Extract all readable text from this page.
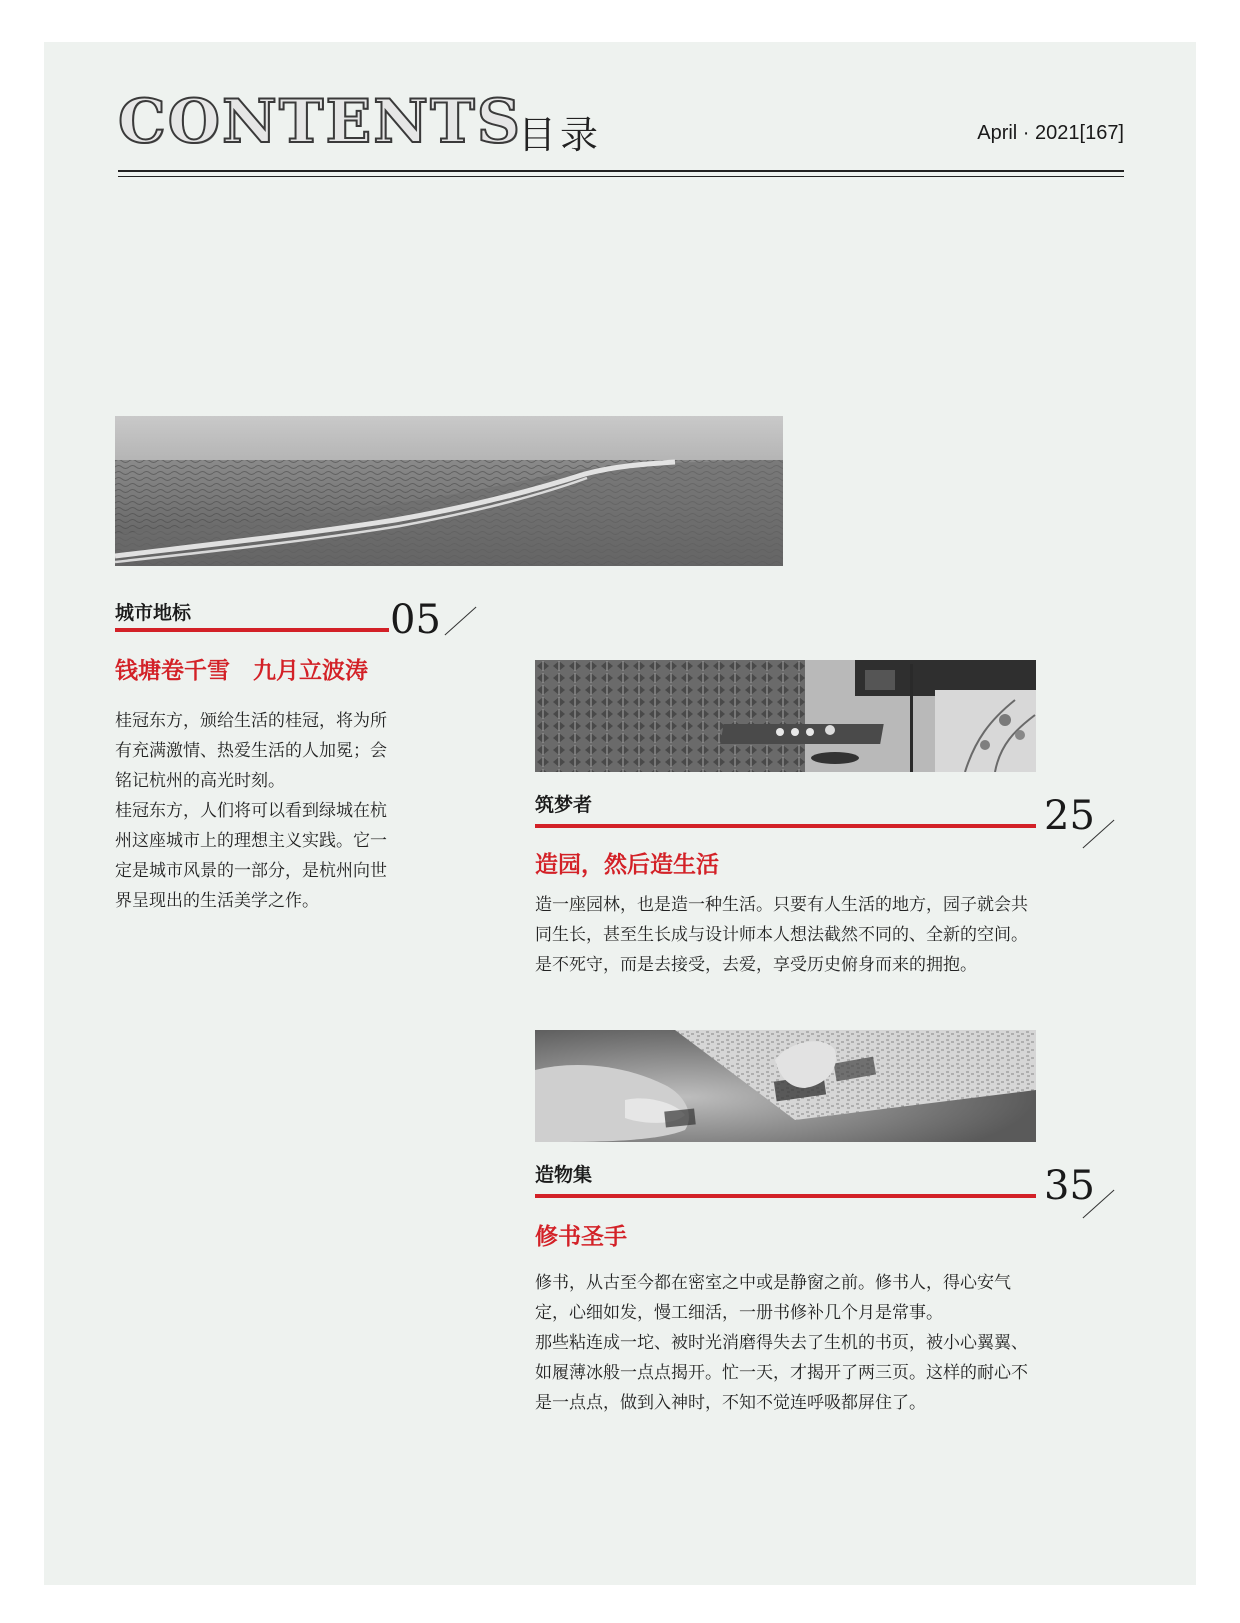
CONTENTS
目录	April · 2021[167]
城市地标	05
钱塘卷千雪　九月立波涛

桂冠东方，颁给生活的桂冠，将为所有充满激情、热爱生活的人加冕；会铭记杭州的高光时刻。

桂冠东方，人们将可以看到绿城在杭州这座城市上的理想主义实践。它一定是城市风景的一部分，是杭州向世界呈现出的生活美学之作。

筑梦者	25
造园，然后造生活

造一座园林，也是造一种生活。只要有人生活的地方，园子就会共同生长，甚至生长成与设计师本人想法截然不同的、全新的空间。是不死守，而是去接受，去爱，享受历史俯身而来的拥抱。

造物集	35
修书圣手

修书，从古至今都在密室之中或是静窗之前。修书人，得心安气定，心细如发，慢工细活，一册书修补几个月是常事。

那些粘连成一坨、被时光消磨得失去了生机的书页，被小心翼翼、如履薄冰般一点点揭开。忙一天，才揭开了两三页。这样的耐心不是一点点，做到入神时，不知不觉连呼吸都屏住了。
